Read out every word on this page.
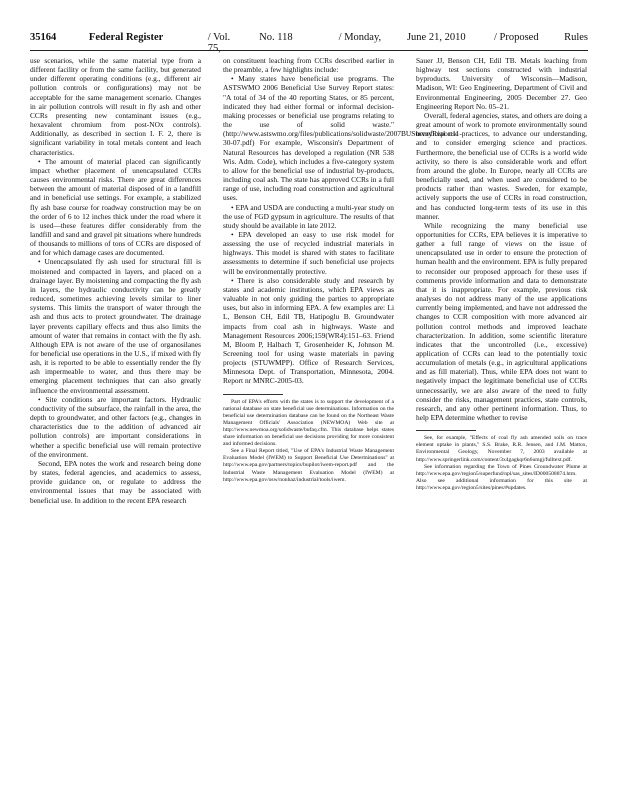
35164	Federal Register	/ Vol. 75,
No. 118	/ Monday,	June 21, 2010	/ Proposed	Rules

use scenarios, while the same material type from a different facility or from the same facility, but generated under different operating conditions (e.g., different air pollution controls or configurations) may not be acceptable for the same management scenario. Changes in air pollution controls will result in fly ash and other CCRs presenting new contaminant issues (e.g., hexavalent chromium from post-NOx controls). Additionally, as described in section I. F. 2, there is significant variability in total metals content and leach characteristics.

• The amount of material placed can significantly impact whether placement of unencapsulated CCRs causes environmental risks. There are great differences between the amount of material disposed of in a landfill and in beneficial use settings. For example, a stabilized fly ash base course for roadway construction may be on the order of 6 to 12 inches thick under the road where it is used—these features differ considerably from the landfill and sand and gravel pit situations where hundreds of thousands to millions of tons of CCRs are disposed of and for which damage cases are documented.

• Unencapsulated fly ash used for structural fill is moistened and compacted in layers, and placed on a drainage layer. By moistening and compacting the fly ash in layers, the hydraulic conductivity can be greatly reduced, sometimes achieving levels similar to liner systems. This limits the transport of water through the ash and thus acts to protect groundwater. The drainage layer prevents capillary effects and thus also limits the amount of water that remains in contact with the fly ash. Although EPA is not aware of the use of organosilanes for beneficial use operations in the U.S., if mixed with fly ash, it is reported to be able to essentially render the fly ash impermeable to water, and thus there may be emerging placement techniques that can also greatly influence the environmental assessment.

• Site conditions are important factors. Hydraulic conductivity of the subsurface, the rainfall in the area, the depth to groundwater, and other factors (e.g., changes in characteristics due to the addition of advanced air pollution controls) are important considerations in whether a specific beneficial use will remain protective of the environment.

Second, EPA notes the work and research being done by states, federal agencies, and academics to assess, provide guidance on, or regulate to address the environmental issues that may be associated with beneficial use. In addition to the recent EPA research

on constituent leaching from CCRs described earlier in the preamble, a few highlights include:

• Many states have beneficial use programs. The ASTSWMO 2006 Beneficial Use Survey Report states: "A total of 34 of the 40 reporting States, or 85 percent, indicated they had either formal or informal decision-making processes or beneficial use programs relating to the use of solid waste." (http://www.astswmo.org/files/publications/solidwaste/2007BUSurveyReport11-30-07.pdf) For example, Wisconsin's Department of Natural Resources has developed a regulation (NR 538 Wis. Adm. Code), which includes a five-category system to allow for the beneficial use of industrial by-products, including coal ash. The state has approved CCRs in a full range of use, including road construction and agricultural uses.

• EPA and USDA are conducting a multi-year study on the use of FGD gypsum in agriculture. The results of that study should be available in late 2012.

• EPA developed an easy to use risk model for assessing the use of recycled industrial materials in highways. This model is shared with states to facilitate assessments to determine if such beneficial use projects will be environmentally protective.

• There is also considerable study and research by states and academic institutions, which EPA views as valuable in not only guiding the parties to appropriate uses, but also in informing EPA. A few examples are: Li L, Benson CH, Edil TB, Hatipoglu B. Groundwater impacts from coal ash in highways. Waste and Management Resources 2006;159(WR4):151–63. Friend M, Bloom P, Halbach T, Grosenheider K, Johnson M. Screening tool for using waste materials in paving projects (STUWMPP). Office of Research Services, Minnesota Dept. of Transportation, Minnesota, 2004. Report nr MNRC-2005-03.

Part of EPA's efforts with the states is to support the development of a national database on state beneficial use determinations. Information on the beneficial use determination database can be found on the Northeast Waste Management Officials' Association (NEWMOA) Web site at http://www.newmoa.org/solidwaste/bufaq.cfm. This database helps states share information on beneficial use decisions providing for more consistent and informed decisions.

See a Final Report titled, "Use of EPA's Industrial Waste Management Evaluation Model (IWEM) to Support Beneficial Use Determinations" at http://www.epa.gov/partners/topics/bupilot/iwem-report.pdf and the Industrial Waste Management Evaluation Model (IWEM) at http://www.epa.gov/osw/nonhaz/industrial/tools/iwem.

Sauer JJ, Benson CH, Edil TB. Metals leaching from highway test sections constructed with industrial byproducts. University of Wisconsin—Madison, Madison, WI: Geo Engineering, Department of Civil and Environmental Engineering, 2005 December 27. Geo Engineering Report No. 05–21.

Overall, federal agencies, states, and others are doing a great amount of work to promote environmentally sound beneficial use practices, to advance our understanding, and to consider emerging science and practices. Furthermore, the beneficial use of CCRs is a world wide activity, so there is also considerable work and effort from around the globe. In Europe, nearly all CCRs are beneficially used, and when used are considered to be products rather than wastes. Sweden, for example, actively supports the use of CCRs in road construction, and has conducted long-term tests of its use in this manner.

While recognizing the many beneficial use opportunities for CCRs, EPA believes it is imperative to gather a full range of views on the issue of unencapsulated use in order to ensure the protection of human health and the environment. EPA is fully prepared to reconsider our proposed approach for these uses if comments provide information and data to demonstrate that it is inappropriate. For example, previous risk analyses do not address many of the use applications currently being implemented, and have not addressed the changes to CCR composition with more advanced air pollution control methods and improved leachate characterization. In addition, some scientific literature indicates that the uncontrolled (i.e., excessive) application of CCRs can lead to the potentially toxic accumulation of metals (e.g., in agricultural applications and as fill material). Thus, while EPA does not want to negatively impact the legitimate beneficial use of CCRs unnecessarily, we are also aware of the need to fully consider the risks, management practices, state controls, research, and any other pertinent information. Thus, to help EPA determine whether to revise

See, for example, "Effects of coal fly ash amended soils on trace element uptake in plants," S.S. Brake, R.R. Jensen, and J.M. Mattox, Environmental Geology, November 7, 2003 available at http://www.springerlink.com/content/3x4gagkqr6n6umgj/fulltext.pdf.

See information regarding the Town of Pines Groundwater Plume at http://www.epa.gov/region5/superfund/npl/sas_sites/ID000508874.htm. Also see additional information for this site at http://www.epa.gov/region5/sites/pines/#updates.
